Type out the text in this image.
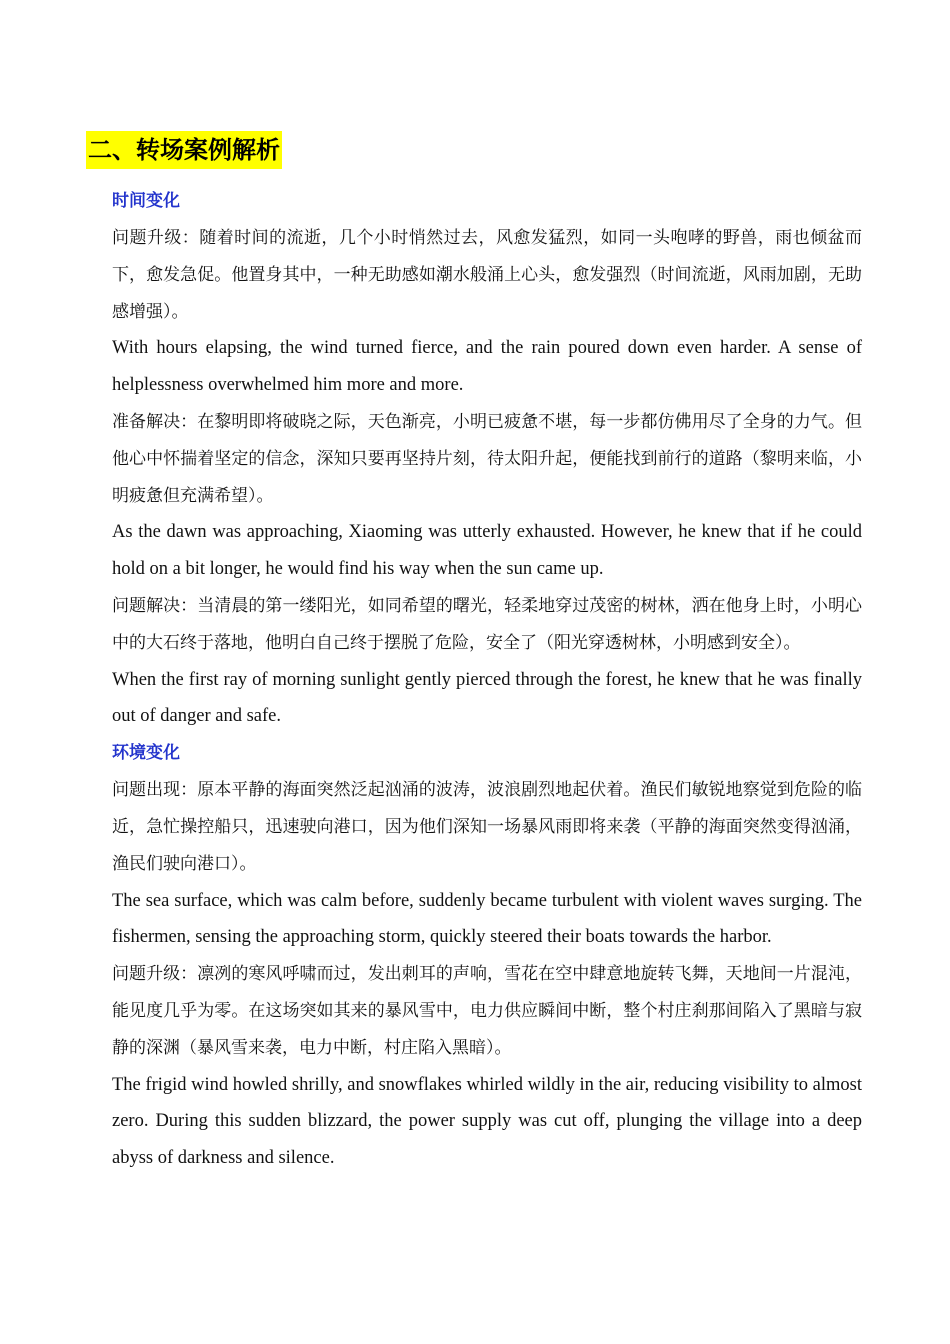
二、转场案例解析
时间变化

问题升级：随着时间的流逝，几个小时悄然过去，风愈发猛烈，如同一头咆哮的野兽，雨也倾盆而下，愈发急促。他置身其中，一种无助感如潮水般涌上心头，愈发强烈（时间流逝，风雨加剧，无助感增强）。

With hours elapsing, the wind turned fierce, and the rain poured down even harder. A sense of helplessness overwhelmed him more and more.

准备解决：在黎明即将破晓之际，天色渐亮，小明已疲惫不堪，每一步都仿佛用尽了全身的力气。但他心中怀揣着坚定的信念，深知只要再坚持片刻，待太阳升起，便能找到前行的道路（黎明来临，小明疲惫但充满希望）。

As the dawn was approaching, Xiaoming was utterly exhausted. However, he knew that if he could hold on a bit longer, he would find his way when the sun came up.

问题解决：当清晨的第一缕阳光，如同希望的曙光，轻柔地穿过茂密的树林，洒在他身上时，小明心中的大石终于落地，他明白自己终于摆脱了危险，安全了（阳光穿透树林，小明感到安全）。

When the first ray of morning sunlight gently pierced through the forest, he knew that he was finally out of danger and safe.

环境变化

问题出现：原本平静的海面突然泛起汹涌的波涛，波浪剧烈地起伏着。渔民们敏锐地察觉到危险的临近，急忙操控船只，迅速驶向港口，因为他们深知一场暴风雨即将来袭（平静的海面突然变得汹涌，渔民们驶向港口）。

The sea surface, which was calm before, suddenly became turbulent with violent waves surging. The fishermen, sensing the approaching storm, quickly steered their boats towards the harbor.

问题升级：凛冽的寒风呼啸而过，发出刺耳的声响，雪花在空中肆意地旋转飞舞，天地间一片混沌，能见度几乎为零。在这场突如其来的暴风雪中，电力供应瞬间中断，整个村庄刹那间陷入了黑暗与寂静的深渊（暴风雪来袭，电力中断，村庄陷入黑暗）。

The frigid wind howled shrilly, and snowflakes whirled wildly in the air, reducing visibility to almost zero. During this sudden blizzard, the power supply was cut off, plunging the village into a deep abyss of darkness and silence.
